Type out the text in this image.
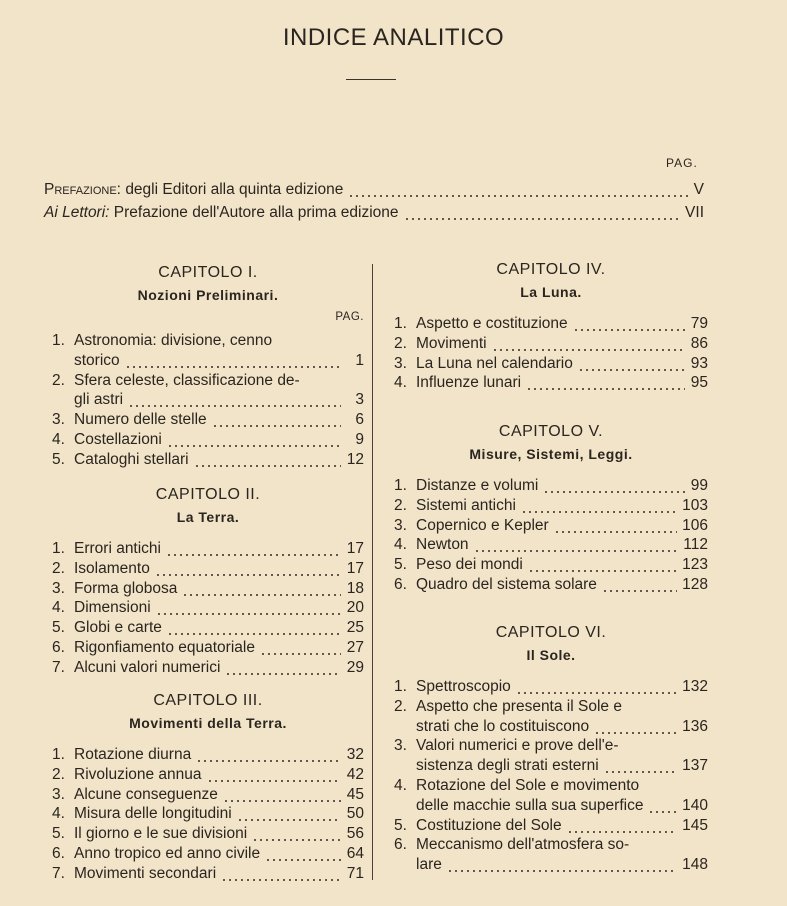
INDICE ANALITICO
PAG.
Prefazione:
degli Editori alla quinta edizione	V
Ai Lettori:
Prefazione dell'Autore alla prima edizione	VII
CAPITOLO I.
Nozioni Preliminari.
PAG.
1. Astronomia: divisione, cenno
storico	1
2. Sfera celeste, classificazione de-
gli astri	3
3. Numero delle stelle	6
4. Costellazioni	9
5. Cataloghi stellari	12
CAPITOLO II.
La Terra.
1. Errori antichi	17
2. Isolamento	17
3. Forma globosa	18
4. Dimensioni	20
5. Globi e carte	25
6. Rigonfiamento equatoriale	27
7. Alcuni valori numerici	29
CAPITOLO III.
Movimenti della Terra.
1. Rotazione diurna	32
2. Rivoluzione annua	42
3. Alcune conseguenze	45
4. Misura delle longitudini	50
5. Il giorno e le sue divisioni	56
6. Anno tropico ed anno civile	64
7. Movimenti secondari	71
CAPITOLO IV.
La Luna.
1. Aspetto e costituzione	79
2. Movimenti	86
3. La Luna nel calendario	93
4. Influenze lunari	95
CAPITOLO V.
Misure, Sistemi, Leggi.
1. Distanze e volumi	99
2. Sistemi antichi	103
3. Copernico e Kepler	106
4. Newton	112
5. Peso dei mondi	123
6. Quadro del sistema solare	128
CAPITOLO VI.
Il Sole.
1. Spettroscopio	132
2. Aspetto che presenta il Sole e
strati che lo costituiscono	136
3. Valori numerici e prove dell'e-
sistenza degli strati esterni	137
4. Rotazione del Sole e movimento
delle macchie sulla sua superfice 140
5. Costituzione del Sole	145
6. Meccanismo dell'atmosfera so-
lare	148
